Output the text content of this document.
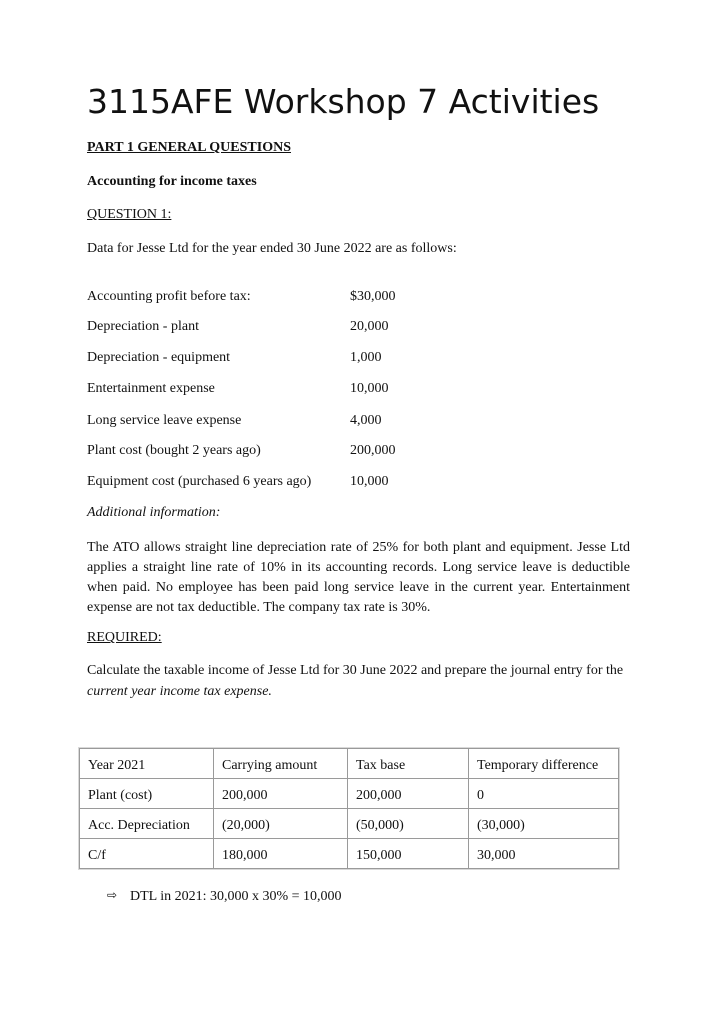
3115AFE Workshop 7 Activities
PART 1 GENERAL QUESTIONS
Accounting for income taxes
QUESTION 1:
Data for Jesse Ltd for the year ended 30 June 2022 are as follows:
Accounting profit before tax:	$30,000
Depreciation - plant	20,000
Depreciation - equipment	1,000
Entertainment expense	10,000
Long service leave expense	4,000
Plant cost (bought 2 years ago)	200,000
Equipment cost (purchased 6 years ago)	10,000
Additional information:
The ATO allows straight line depreciation rate of 25% for both plant and equipment. Jesse Ltd applies a straight line rate of 10% in its accounting records. Long service leave is deductible when paid. No employee has been paid long service leave in the current year. Entertainment expense are not tax deductible. The company tax rate is 30%.
REQUIRED:
Calculate the taxable income of Jesse Ltd for 30 June 2022 and prepare the journal entry for the current year income tax expense.
Year 2021	Carrying amount	Tax base	Temporary difference
Plant (cost)	200,000	200,000	0
Acc. Depreciation	(20,000)	(50,000)	(30,000)
C/f	180,000	150,000	30,000
⇨ DTL in 2021: 30,000 x 30% = 10,000
